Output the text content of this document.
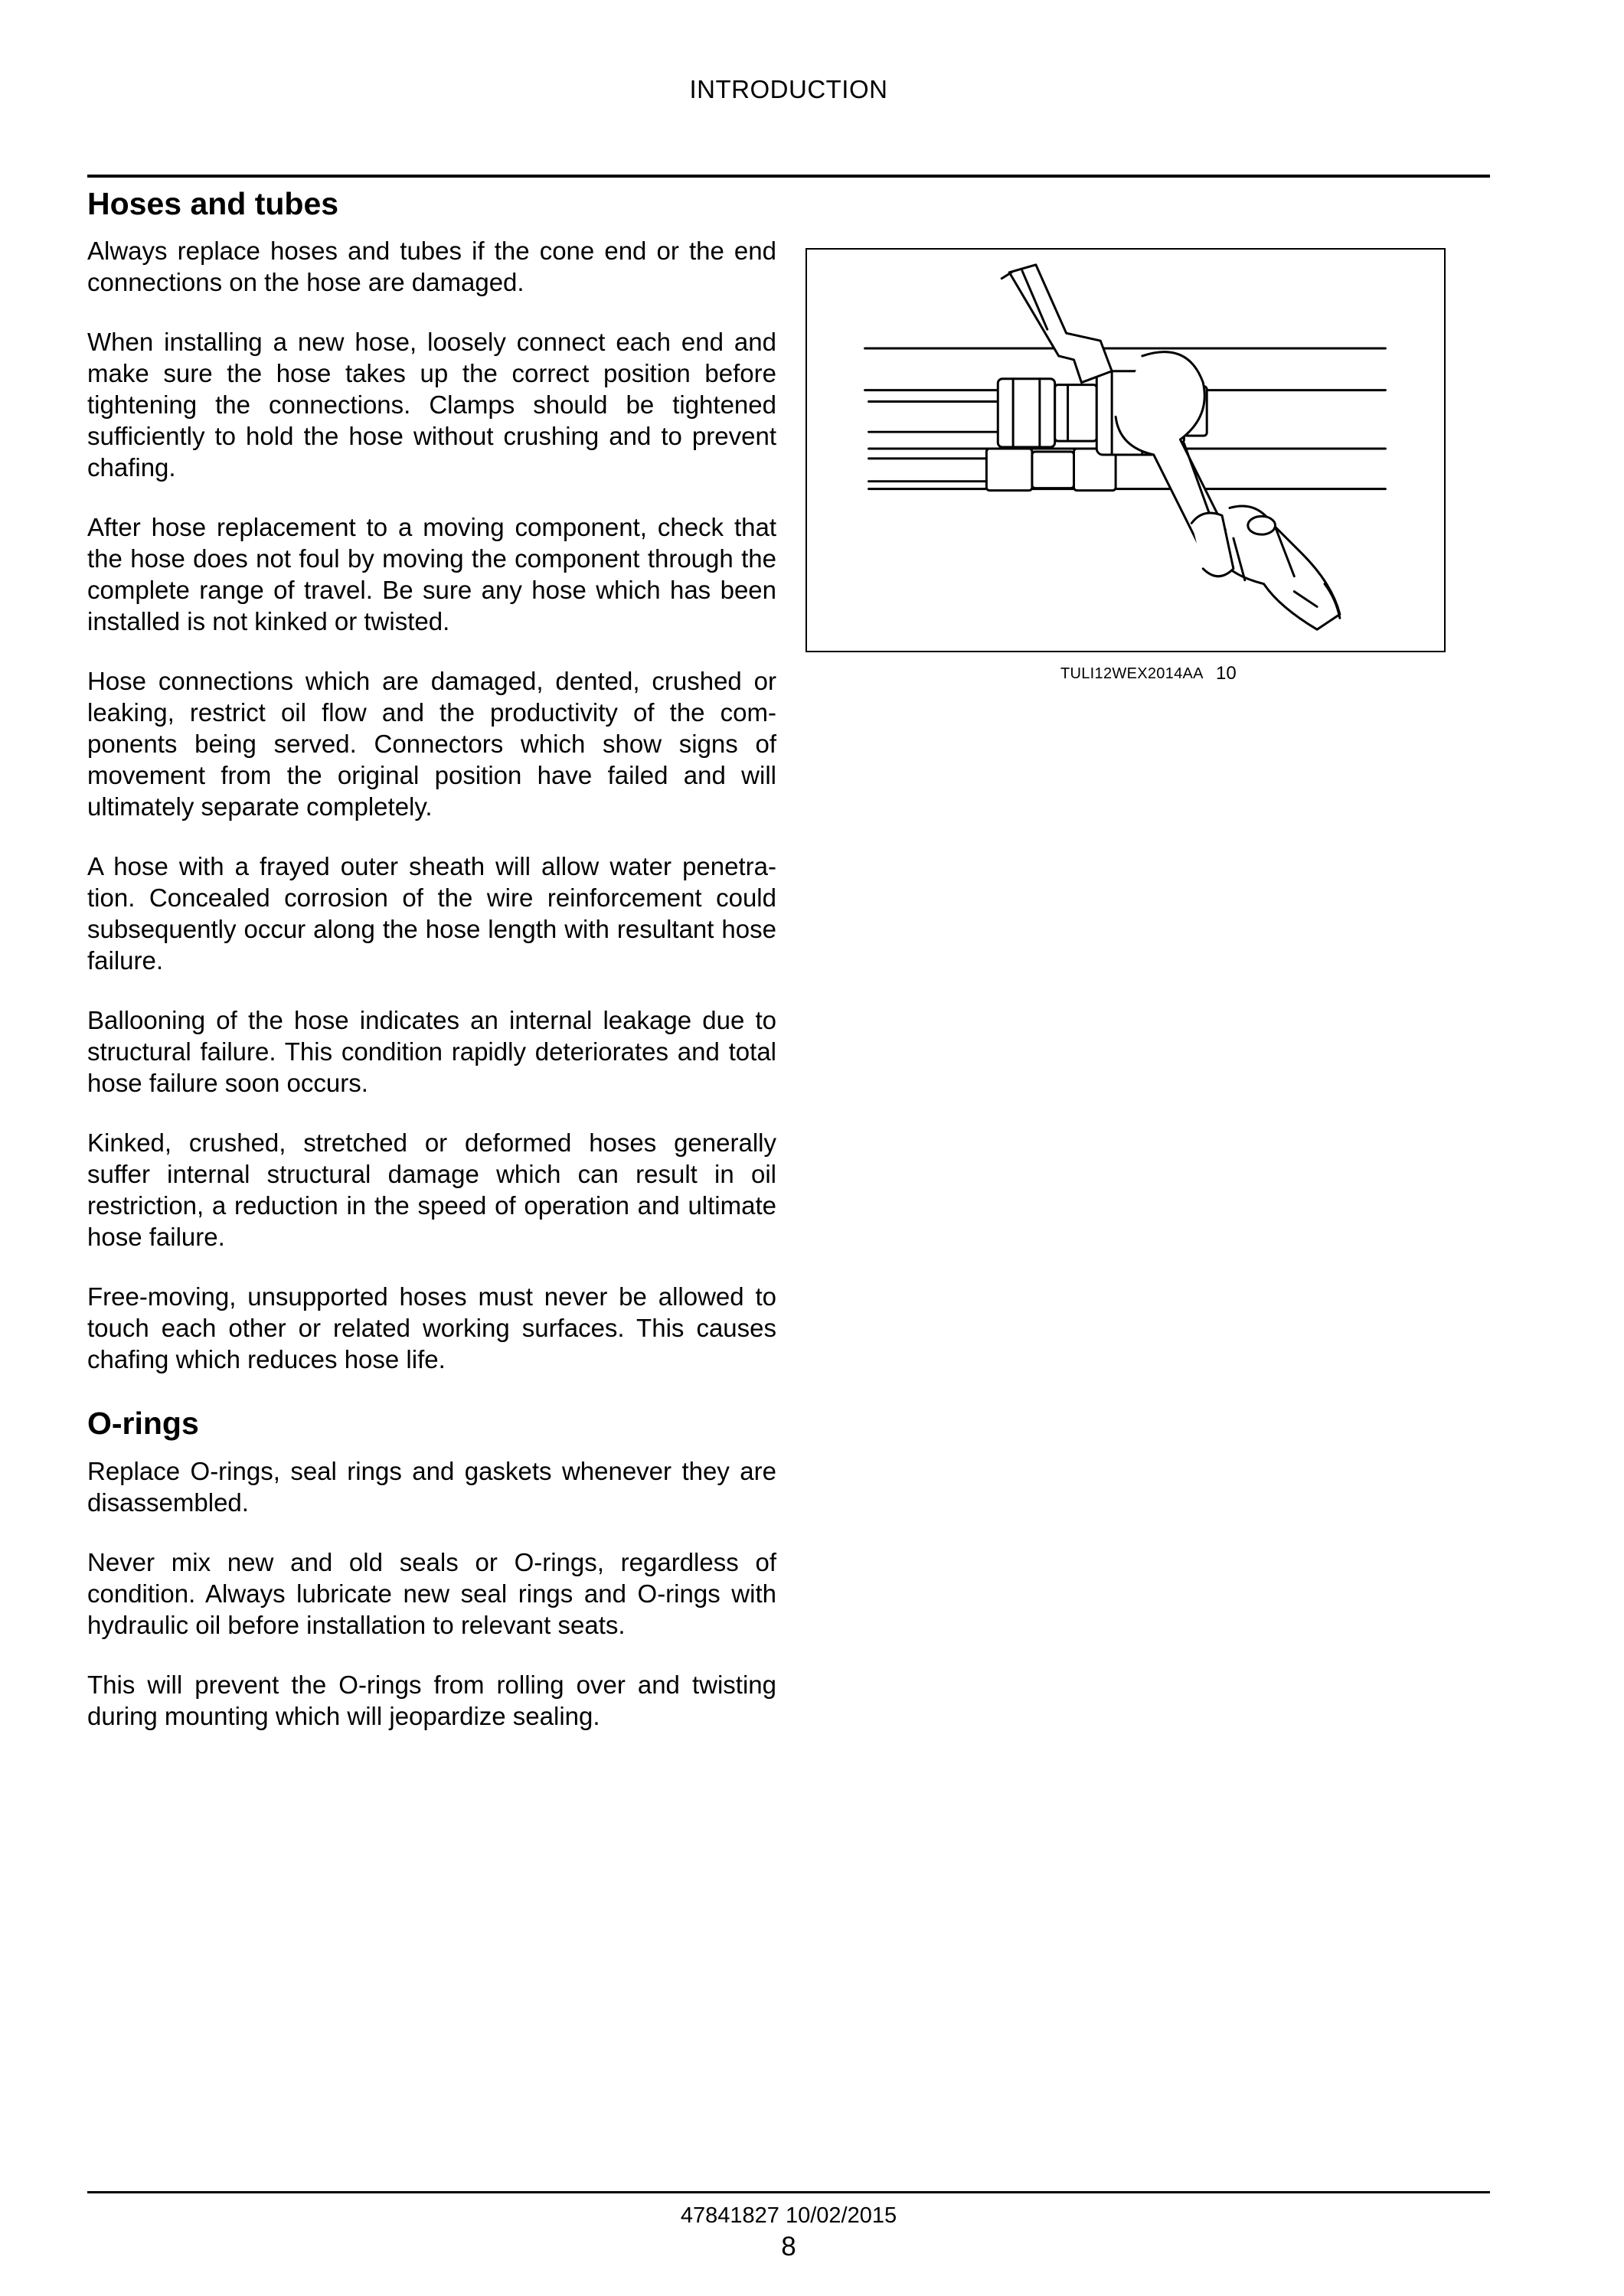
INTRODUCTION
Hoses and tubes

Always replace hoses and tubes if the cone end or the end connections on the hose are damaged.

When installing a new hose, loosely connect each end and make sure the hose takes up the correct position before tightening the connections. Clamps should be tightened sufficiently to hold the hose without crushing and to prevent chafing.

After hose replacement to a moving component, check that the hose does not foul by moving the component through the complete range of travel. Be sure any hose which has been installed is not kinked or twisted.

Hose connections which are damaged, dented, crushed or leaking, restrict oil flow and the productivity of the components being served. Connectors which show signs of movement from the original position have failed and will ultimately separate completely.

A hose with a frayed outer sheath will allow water penetration. Concealed corrosion of the wire reinforcement could subsequently occur along the hose length with resultant hose failure.

Ballooning of the hose indicates an internal leakage due to structural failure. This condition rapidly deteriorates and total hose failure soon occurs.

Kinked, crushed, stretched or deformed hoses generally suffer internal structural damage which can result in oil restriction, a reduction in the speed of operation and ultimate hose failure.

Free-moving, unsupported hoses must never be allowed to touch each other or related working surfaces. This causes chafing which reduces hose life.

O-rings

Replace O-rings, seal rings and gaskets whenever they are disassembled.

Never mix new and old seals or O-rings, regardless of condition. Always lubricate new seal rings and O-rings with hydraulic oil before installation to relevant seats.

This will prevent the O-rings from rolling over and twisting during mounting which will jeopardize sealing.

TULI12WEX2014AA 10
47841827 10/02/2015
8
